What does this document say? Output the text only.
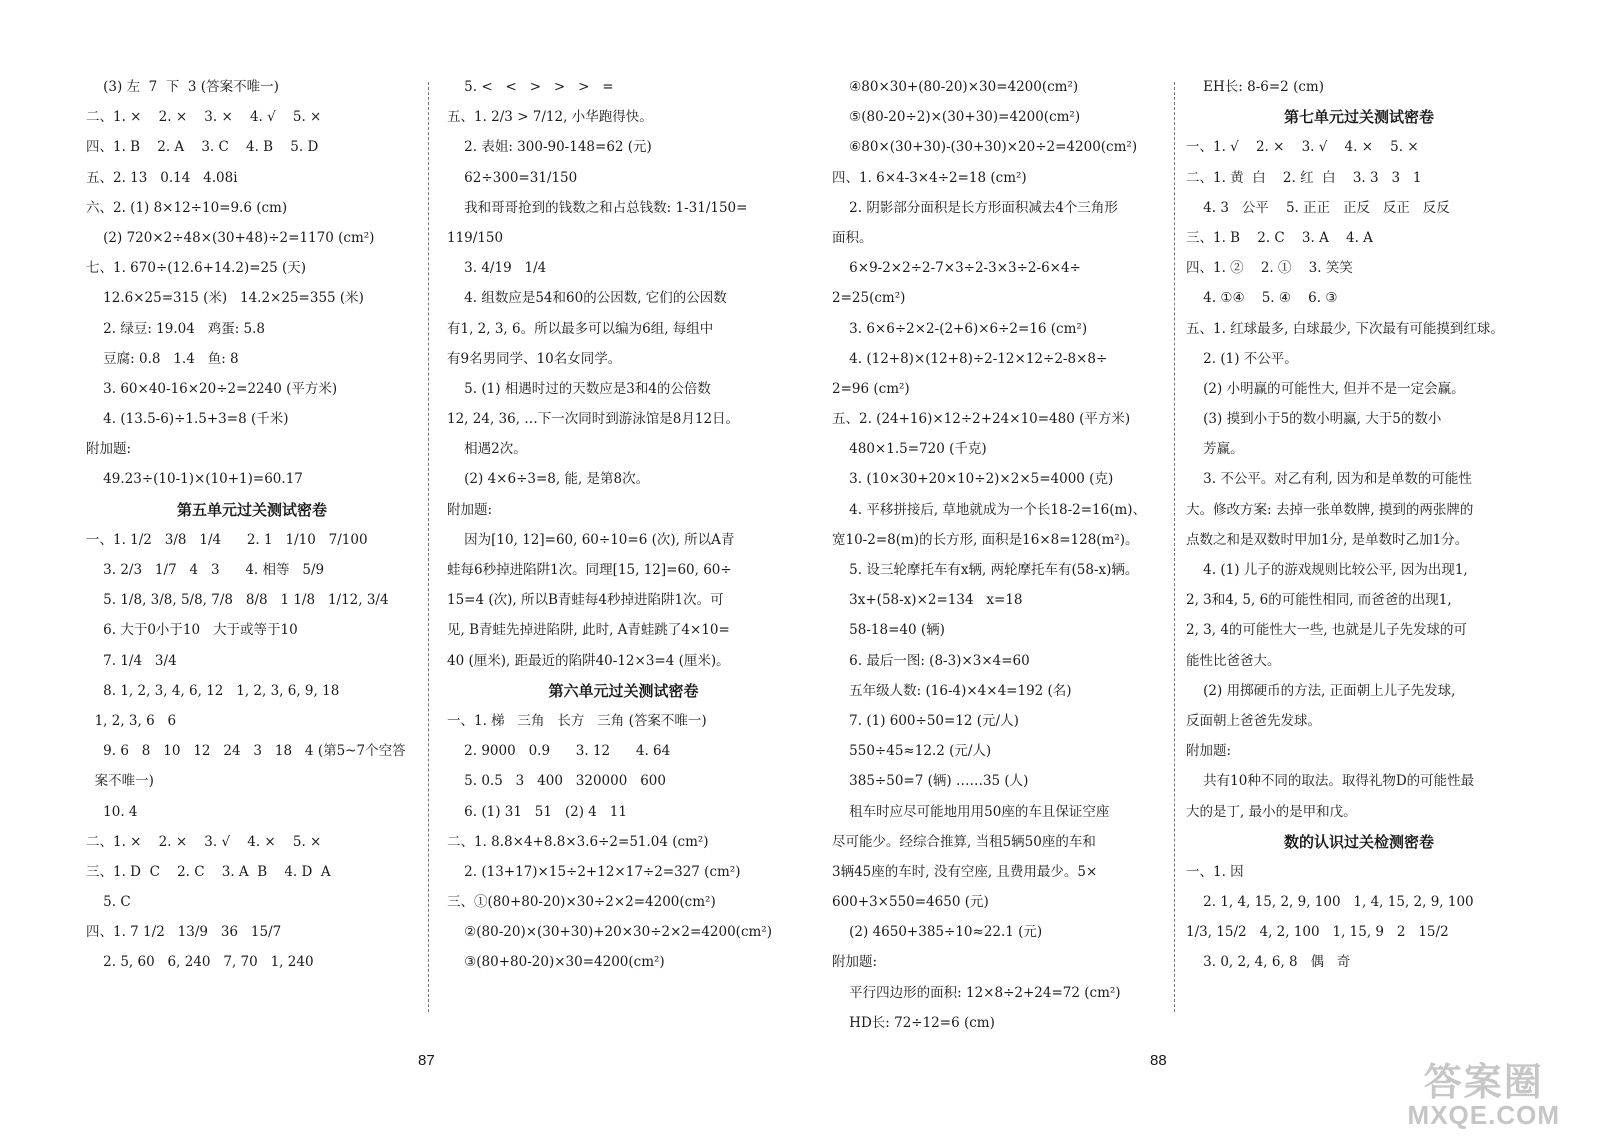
(3) 左  7  下  3 (答案不唯一)
二、1. ×    2. ×    3. ×    4. √    5. ×
四、1. B    2. A    3. C    4. B    5. D
五、2. 13   0.14   4.08i
六、2. (1) 8×12÷10=9.6 (cm)
(2) 720×2÷48×(30+48)÷2=1170 (cm²)
七、1. 670÷(12.6+14.2)=25 (天)
12.6×25=315 (米)   14.2×25=355 (米)
2. 绿豆: 19.04   鸡蛋: 5.8
豆腐: 0.8   1.4   鱼: 8
3. 60×40-16×20÷2=2240 (平方米)
4. (13.5-6)÷1.5+3=8 (千米)
附加题:
49.23÷(10-1)×(10+1)=60.17
第五单元过关测试密卷
一、1. 1/2   3/8   1/4      2. 1   1/10   7/100
3. 2/3   1/7   4   3      4. 相等   5/9
5. 1/8, 3/8, 5/8, 7/8   8/8   1 1/8   1/12, 3/4
6. 大于0小于10   大于或等于10
7. 1/4   3/4
8. 1, 2, 3, 4, 6, 12   1, 2, 3, 6, 9, 18
1, 2, 3, 6   6
9. 6   8   10   12   24   3   18   4 (第5~7个空答
案不唯一)
10. 4
二、1. ×    2. ×    3. √    4. ×    5. ×
三、1. D  C    2. C    3. A  B    4. D  A
5. C
四、1. 7 1/2   13/9   36   15/7
2. 5, 60   6, 240   7, 70   1, 240
5. <   <   >   >   >   =
五、1. 2/3 > 7/12, 小华跑得快。
2. 表姐: 300-90-148=62 (元)
62÷300=31/150
我和哥哥抢到的钱数之和占总钱数: 1-31/150=
119/150
3. 4/19   1/4
4. 组数应是54和60的公因数, 它们的公因数
有1, 2, 3, 6。所以最多可以编为6组, 每组中
有9名男同学、10名女同学。
5. (1) 相遇时过的天数应是3和4的公倍数
12, 24, 36, …下一次同时到游泳馆是8月12日。
相遇2次。
(2) 4×6÷3=8, 能, 是第8次。
附加题:
因为[10, 12]=60, 60÷10=6 (次), 所以A青
蛙每6秒掉进陷阱1次。同理[15, 12]=60, 60÷
15=4 (次), 所以B青蛙每4秒掉进陷阱1次。可
见, B青蛙先掉进陷阱, 此时, A青蛙跳了4×10=
40 (厘米), 距最近的陷阱40-12×3=4 (厘米)。
第六单元过关测试密卷
一、1. 梯   三角   长方   三角 (答案不唯一)
2. 9000   0.9      3. 12      4. 64
5. 0.5   3   400   320000   600
6. (1) 31   51   (2) 4   11
二、1. 8.8×4+8.8×3.6÷2=51.04 (cm²)
2. (13+17)×15÷2+12×17÷2=327 (cm²)
三、①(80+80-20)×30÷2×2=4200(cm²)
②(80-20)×(30+30)+20×30÷2×2=4200(cm²)
③(80+80-20)×30=4200(cm²)
④80×30+(80-20)×30=4200(cm²)
⑤(80-20÷2)×(30+30)=4200(cm²)
⑥80×(30+30)-(30+30)×20÷2=4200(cm²)
四、1. 6×4-3×4÷2=18 (cm²)
2. 阴影部分面积是长方形面积减去4个三角形
面积。
6×9-2×2÷2-7×3÷2-3×3÷2-6×4÷
2=25(cm²)
3. 6×6÷2×2-(2+6)×6÷2=16 (cm²)
4. (12+8)×(12+8)÷2-12×12÷2-8×8÷
2=96 (cm²)
五、2. (24+16)×12÷2+24×10=480 (平方米)
480×1.5=720 (千克)
3. (10×30+20×10÷2)×2×5=4000 (克)
4. 平移拼接后, 草地就成为一个长18-2=16(m)、
宽10-2=8(m)的长方形, 面积是16×8=128(m²)。
5. 设三轮摩托车有x辆, 两轮摩托车有(58-x)辆。
3x+(58-x)×2=134   x=18
58-18=40 (辆)
6. 最后一图: (8-3)×3×4=60
五年级人数: (16-4)×4×4=192 (名)
7. (1) 600÷50=12 (元/人)
550÷45≈12.2 (元/人)
385÷50=7 (辆) ……35 (人)
租车时应尽可能地用用50座的车且保证空座
尽可能少。经综合推算, 当租5辆50座的车和
3辆45座的车时, 没有空座, 且费用最少。5×
600+3×550=4650 (元)
(2) 4650+385÷10≈22.1 (元)
附加题:
平行四边形的面积: 12×8÷2+24=72 (cm²)
HD长: 72÷12=6 (cm)
EH长: 8-6=2 (cm)
第七单元过关测试密卷
一、1. √    2. ×    3. √    4. ×    5. ×
二、1. 黄  白    2. 红  白    3. 3   3   1
4. 3   公平    5. 正正   正反   反正   反反
三、1. B    2. C    3. A    4. A
四、1. ②    2. ①    3. 笑笑
4. ①④    5. ④    6. ③
五、1. 红球最多, 白球最少, 下次最有可能摸到红球。
2. (1) 不公平。
(2) 小明赢的可能性大, 但并不是一定会赢。
(3) 摸到小于5的数小明赢, 大于5的数小
芳赢。
3. 不公平。对乙有利, 因为和是单数的可能性
大。修改方案: 去掉一张单数牌, 摸到的两张牌的
点数之和是双数时甲加1分, 是单数时乙加1分。
4. (1) 儿子的游戏规则比较公平, 因为出现1,
2, 3和4, 5, 6的可能性相同, 而爸爸的出现1,
2, 3, 4的可能性大一些, 也就是儿子先发球的可
能性比爸爸大。
(2) 用掷硬币的方法, 正面朝上儿子先发球,
反面朝上爸爸先发球。
附加题:
共有10种不同的取法。取得礼物D的可能性最
大的是丁, 最小的是甲和戊。
数的认识过关检测密卷
一、1. 因
2. 1, 4, 15, 2, 9, 100   1, 4, 15, 2, 9, 100
1/3, 15/2   4, 2, 100   1, 15, 9   2   15/2
3. 0, 2, 4, 6, 8   偶   奇
87	88
答案圈
MXQE.COM
